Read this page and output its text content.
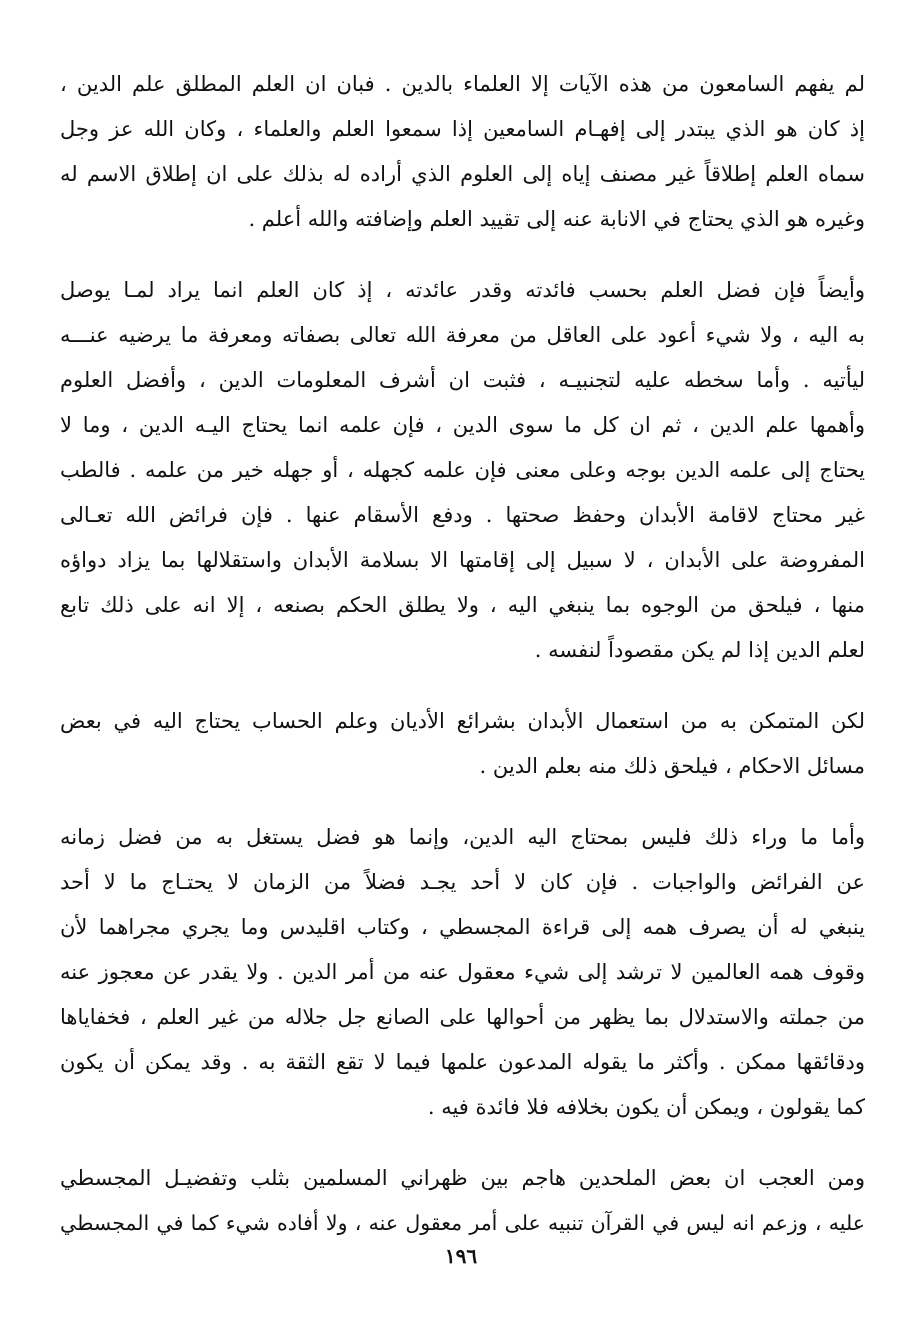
لم يفهم السامعون من هذه الآيات إلا العلماء بالدين . فبان ان العلم المطلق علم الدين ،
إذ كان هو الذي يبتدر إلى إفهـام السامعين إذا سمعوا العلم والعلماء ، وكان الله عز وجل
سماه العلم إطلاقاً غير مصنف إياه إلى العلوم الذي أراده له بذلك على ان إطلاق الاسم له
وغيره هو الذي يحتاج في الانابة عنه إلى تقييد العلم وإضافته والله أعلم .
وأيضاً فإن فضل العلم بحسب فائدته وقدر عائدته ، إذ كان العلم انما يراد لمـا يوصل
به اليه ، ولا شيء أعود على العاقل من معرفة الله تعالى بصفاته ومعرفة ما يرضيه عنـــه
ليأتيه . وأما سخطه عليه لتجنبيـه ، فثبت ان أشرف المعلومات الدين ، وأفضل العلوم
وأهمها علم الدين ، ثم ان كل ما سوى الدين ، فإن علمه انما يحتاج اليـه الدين ، وما لا
يحتاج إلى علمه الدين بوجه وعلى معنى فإن علمه كجهله ، أو جهله خير من علمه . فالطب
غير محتاج لاقامة الأبدان وحفظ صحتها . ودفع الأسقام عنها . فإن فرائض الله تعـالى
المفروضة على الأبدان ، لا سبيل إلى إقامتها الا بسلامة الأبدان واستقلالها بما يزاد دواؤه
منها ، فيلحق من الوجوه بما ينبغي اليه ، ولا يطلق الحكم بصنعه ، إلا انه على ذلك تابع
لعلم الدين إذا لم يكن مقصوداً لنفسه .
لكن المتمكن به من استعمال الأبدان بشرائع الأديان وعلم الحساب يحتاج اليه في بعض
مسائل الاحكام ، فيلحق ذلك منه بعلم الدين .
وأما ما وراء ذلك فليس بمحتاج اليه الدين، وإنما هو فضل يستغل به من فضل زمانه
عن الفرائض والواجبات . فإن كان لا أحد يجـد فضلاً من الزمان لا يحتـاج ما لا أحد
ينبغي له أن يصرف همه إلى قراءة المجسطي ، وكتاب اقليدس وما يجري مجراهما لأن
وقوف همه العالمين لا ترشد إلى شيء معقول عنه من أمر الدين . ولا يقدر عن معجوز عنه
من جملته والاستدلال بما يظهر من أحوالها على الصانع جل جلاله من غير العلم ، فخفاياها
ودقائقها ممكن . وأكثر ما يقوله المدعون علمها فيما لا تقع الثقة به . وقد يمكن أن يكون
كما يقولون ، ويمكن أن يكون بخلافه فلا فائدة فيه .
ومن العجب ان بعض الملحدين هاجم بين ظهراني المسلمين بثلب وتفضيـل المجسطي
عليه ، وزعم انه ليس في القرآن تنبيه على أمر معقول عنه ، ولا أفاده شيء كما في المجسطي
١٩٦
